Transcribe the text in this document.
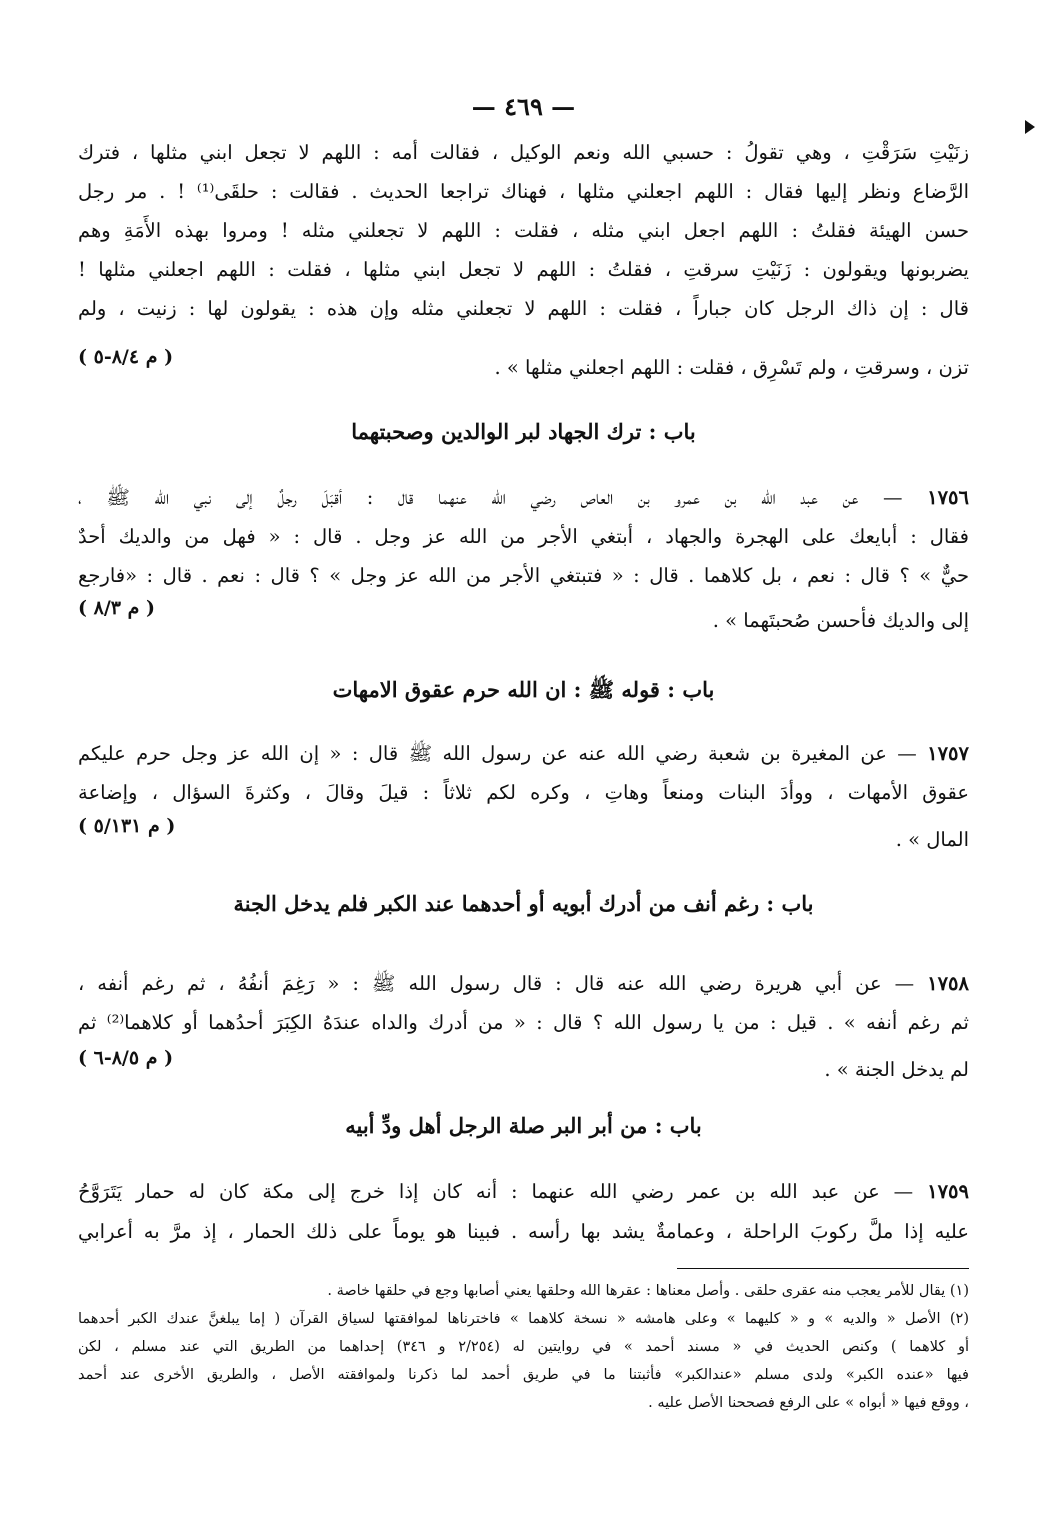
— ٤٦٩ —
زنَيْتِ سَرَقْتِ ، وهي تقولُ : حسبي الله ونعم الوكيل ، فقالت أمه : اللهم لا تجعل ابني مثلها ، فترك
الرَّضاع ونظر إليها فقال : اللهم اجعلني مثلها ، فهناك تراجعا الحديث . فقالت : حلقَى⁽¹⁾ ! . مر رجل
حسن الهيئة فقلتُ : اللهم اجعل ابني مثله ، فقلت : اللهم لا تجعلني مثله ! ومروا بهذه الأَمَةِ وهم
يضربونها ويقولون : زَنَيْتِ سرقتِ ، فقلتُ : اللهم لا تجعل ابني مثلها ، فقلت : اللهم اجعلني مثلها !
قال : إن ذاك الرجل كان جباراً ، فقلت : اللهم لا تجعلني مثله وإن هذه : يقولون لها : زنيت ، ولم
( م ٨/٤-٥ )	تزن ، وسرقتِ ، ولم تَسْرِق ، فقلت : اللهم اجعلني مثلها » .
باب : ترك الجهاد لبر الوالدين وصحبتهما
١٧٥٦ — عن عبد الله بن عمرو بن العاص رضي الله عنهما قال : أقبَلَ رجلٌ إلى نبي الله ﷺ ،
فقال : أبايعك على الهجرة والجهاد ، أبتغي الأجر من الله عز وجل . قال : « فهل من والديك أحدٌ
حيٌّ » ؟ قال : نعم ، بل كلاهما . قال : « فتبتغي الأجر من الله عز وجل » ؟ قال : نعم . قال : «فارجع
( م ٨/٣ )
إلى والديك فأحسن صُحبتَهما » .
باب : قوله ﷺ : ان الله حرم عقوق الامهات
١٧٥٧ — عن المغيرة بن شعبة رضي الله عنه عن رسول الله ﷺ قال : « إن الله عز وجل حرم عليكم
عقوق الأمهات ، ووأدَ البنات ومنعاً وهاتِ ، وكره لكم ثلاثاً : قيلَ وقالَ ، وكثرةَ السؤال ، وإضاعة
( م ٥/١٣١ )
المال » .
باب : رغم أنف من أدرك أبويه أو أحدهما عند الكبر فلم يدخل الجنة
١٧٥٨ — عن أبي هريرة رضي الله عنه قال : قال رسول الله ﷺ : « رَغِمَ أنفُهُ ، ثم رغم أنفه ،
ثم رغم أنفه » . قيل : من يا رسول الله ؟ قال : « من أدرك والداه عندَهُ الكِبَرَ أحدُهما أو كلاهما⁽²⁾ ثم
( م ٨/٥-٦ )	لم يدخل الجنة » .
باب : من أبر البر صلة الرجل أهل ودِّ أبيه
١٧٥٩ — عن عبد الله بن عمر رضي الله عنهما : أنه كان إذا خرج إلى مكة كان له حمار يَتَرَوَّحُ
عليه إذا ملَّ ركوبَ الراحلة ، وعمامةٌ يشد بها رأسه . فبينا هو يوماً على ذلك الحمار ، إذ مرَّ به أعرابي
(١) يقال للأمر يعجب منه عقرى حلقى . وأصل معناها : عقرها الله وحلقها يعني أصابها وجع في حلقها خاصة .
(٢) الأصل « والديه » و « كليهما » وعلى هامشه « نسخة كلاهما » فاخترناها لموافقتها لسياق القرآن ( إما يبلغنَّ عندك الكبر أحدهما
أو كلاهما ) وكنص الحديث في « مسند أحمد » في روايتين له (٢/٢٥٤ و ٣٤٦) إحداهما من الطريق التي عند مسلم ، لكن
فيها «عنده الكبر» ولدى مسلم «عندالكبر» فأثبتنا ما في طريق أحمد لما ذكرنا ولموافقته الأصل ، والطريق الأخرى عند أحمد
، ووقع فيها « أبواه » على الرفع فصححنا الأصل عليه .
